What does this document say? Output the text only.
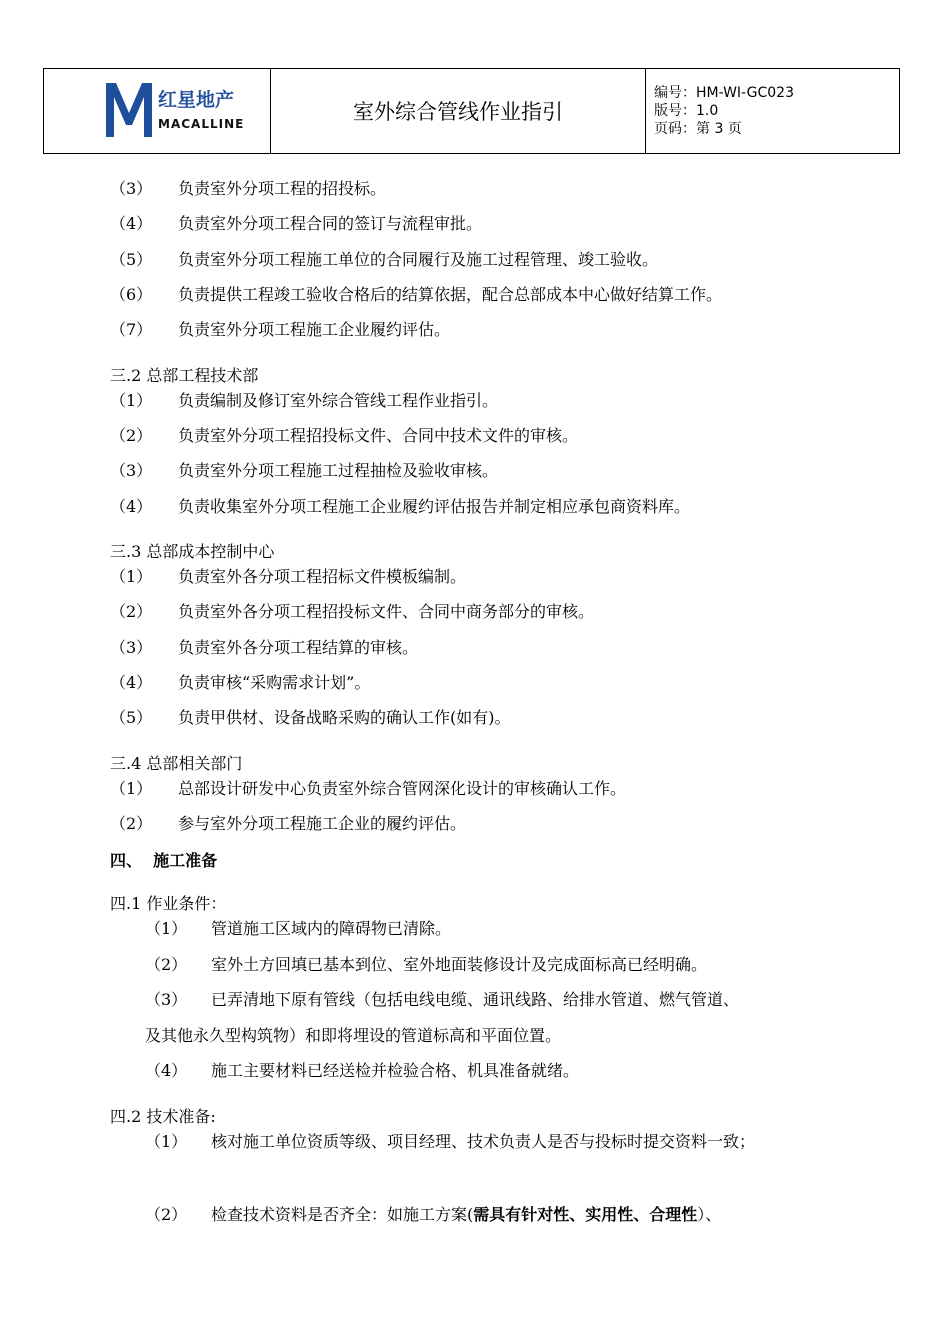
红星地产
MACALLINE	室外综合管线作业指引
编号：HM-WI-GC023
版号：1.0
页码：第 3 页
（3） 负责室外分项工程的招投标。
（4） 负责室外分项工程合同的签订与流程审批。
（5） 负责室外分项工程施工单位的合同履行及施工过程管理、竣工验收。
（6） 负责提供工程竣工验收合格后的结算依据，配合总部成本中心做好结算工作。
（7） 负责室外分项工程施工企业履约评估。
三.2 总部工程技术部
（1） 负责编制及修订室外综合管线工程作业指引。
（2） 负责室外分项工程招投标文件、合同中技术文件的审核。
（3） 负责室外分项工程施工过程抽检及验收审核。
（4） 负责收集室外分项工程施工企业履约评估报告并制定相应承包商资料库。
三.3 总部成本控制中心
（1） 负责室外各分项工程招标文件模板编制。
（2） 负责室外各分项工程招投标文件、合同中商务部分的审核。
（3） 负责室外各分项工程结算的审核。
（4） 负责审核“采购需求计划”。
（5） 负责甲供材、设备战略采购的确认工作(如有)。
三.4 总部相关部门
（1） 总部设计研发中心负责室外综合管网深化设计的审核确认工作。
（2） 参与室外分项工程施工企业的履约评估。
四、  施工准备
四.1 作业条件：
（1） 管道施工区域内的障碍物已清除。
（2） 室外土方回填已基本到位、室外地面装修设计及完成面标高已经明确。
（3） 已弄清地下原有管线（包括电线电缆、通讯线路、给排水管道、燃气管道、
及其他永久型构筑物）和即将埋设的管道标高和平面位置。
（4） 施工主要材料已经送检并检验合格、机具准备就绪。
四.2 技术准备:
（1） 核对施工单位资质等级、项目经理、技术负责人是否与投标时提交资料一致；
（2） 检查技术资料是否齐全：如施工方案(需具有针对性、实用性、合理性）、
